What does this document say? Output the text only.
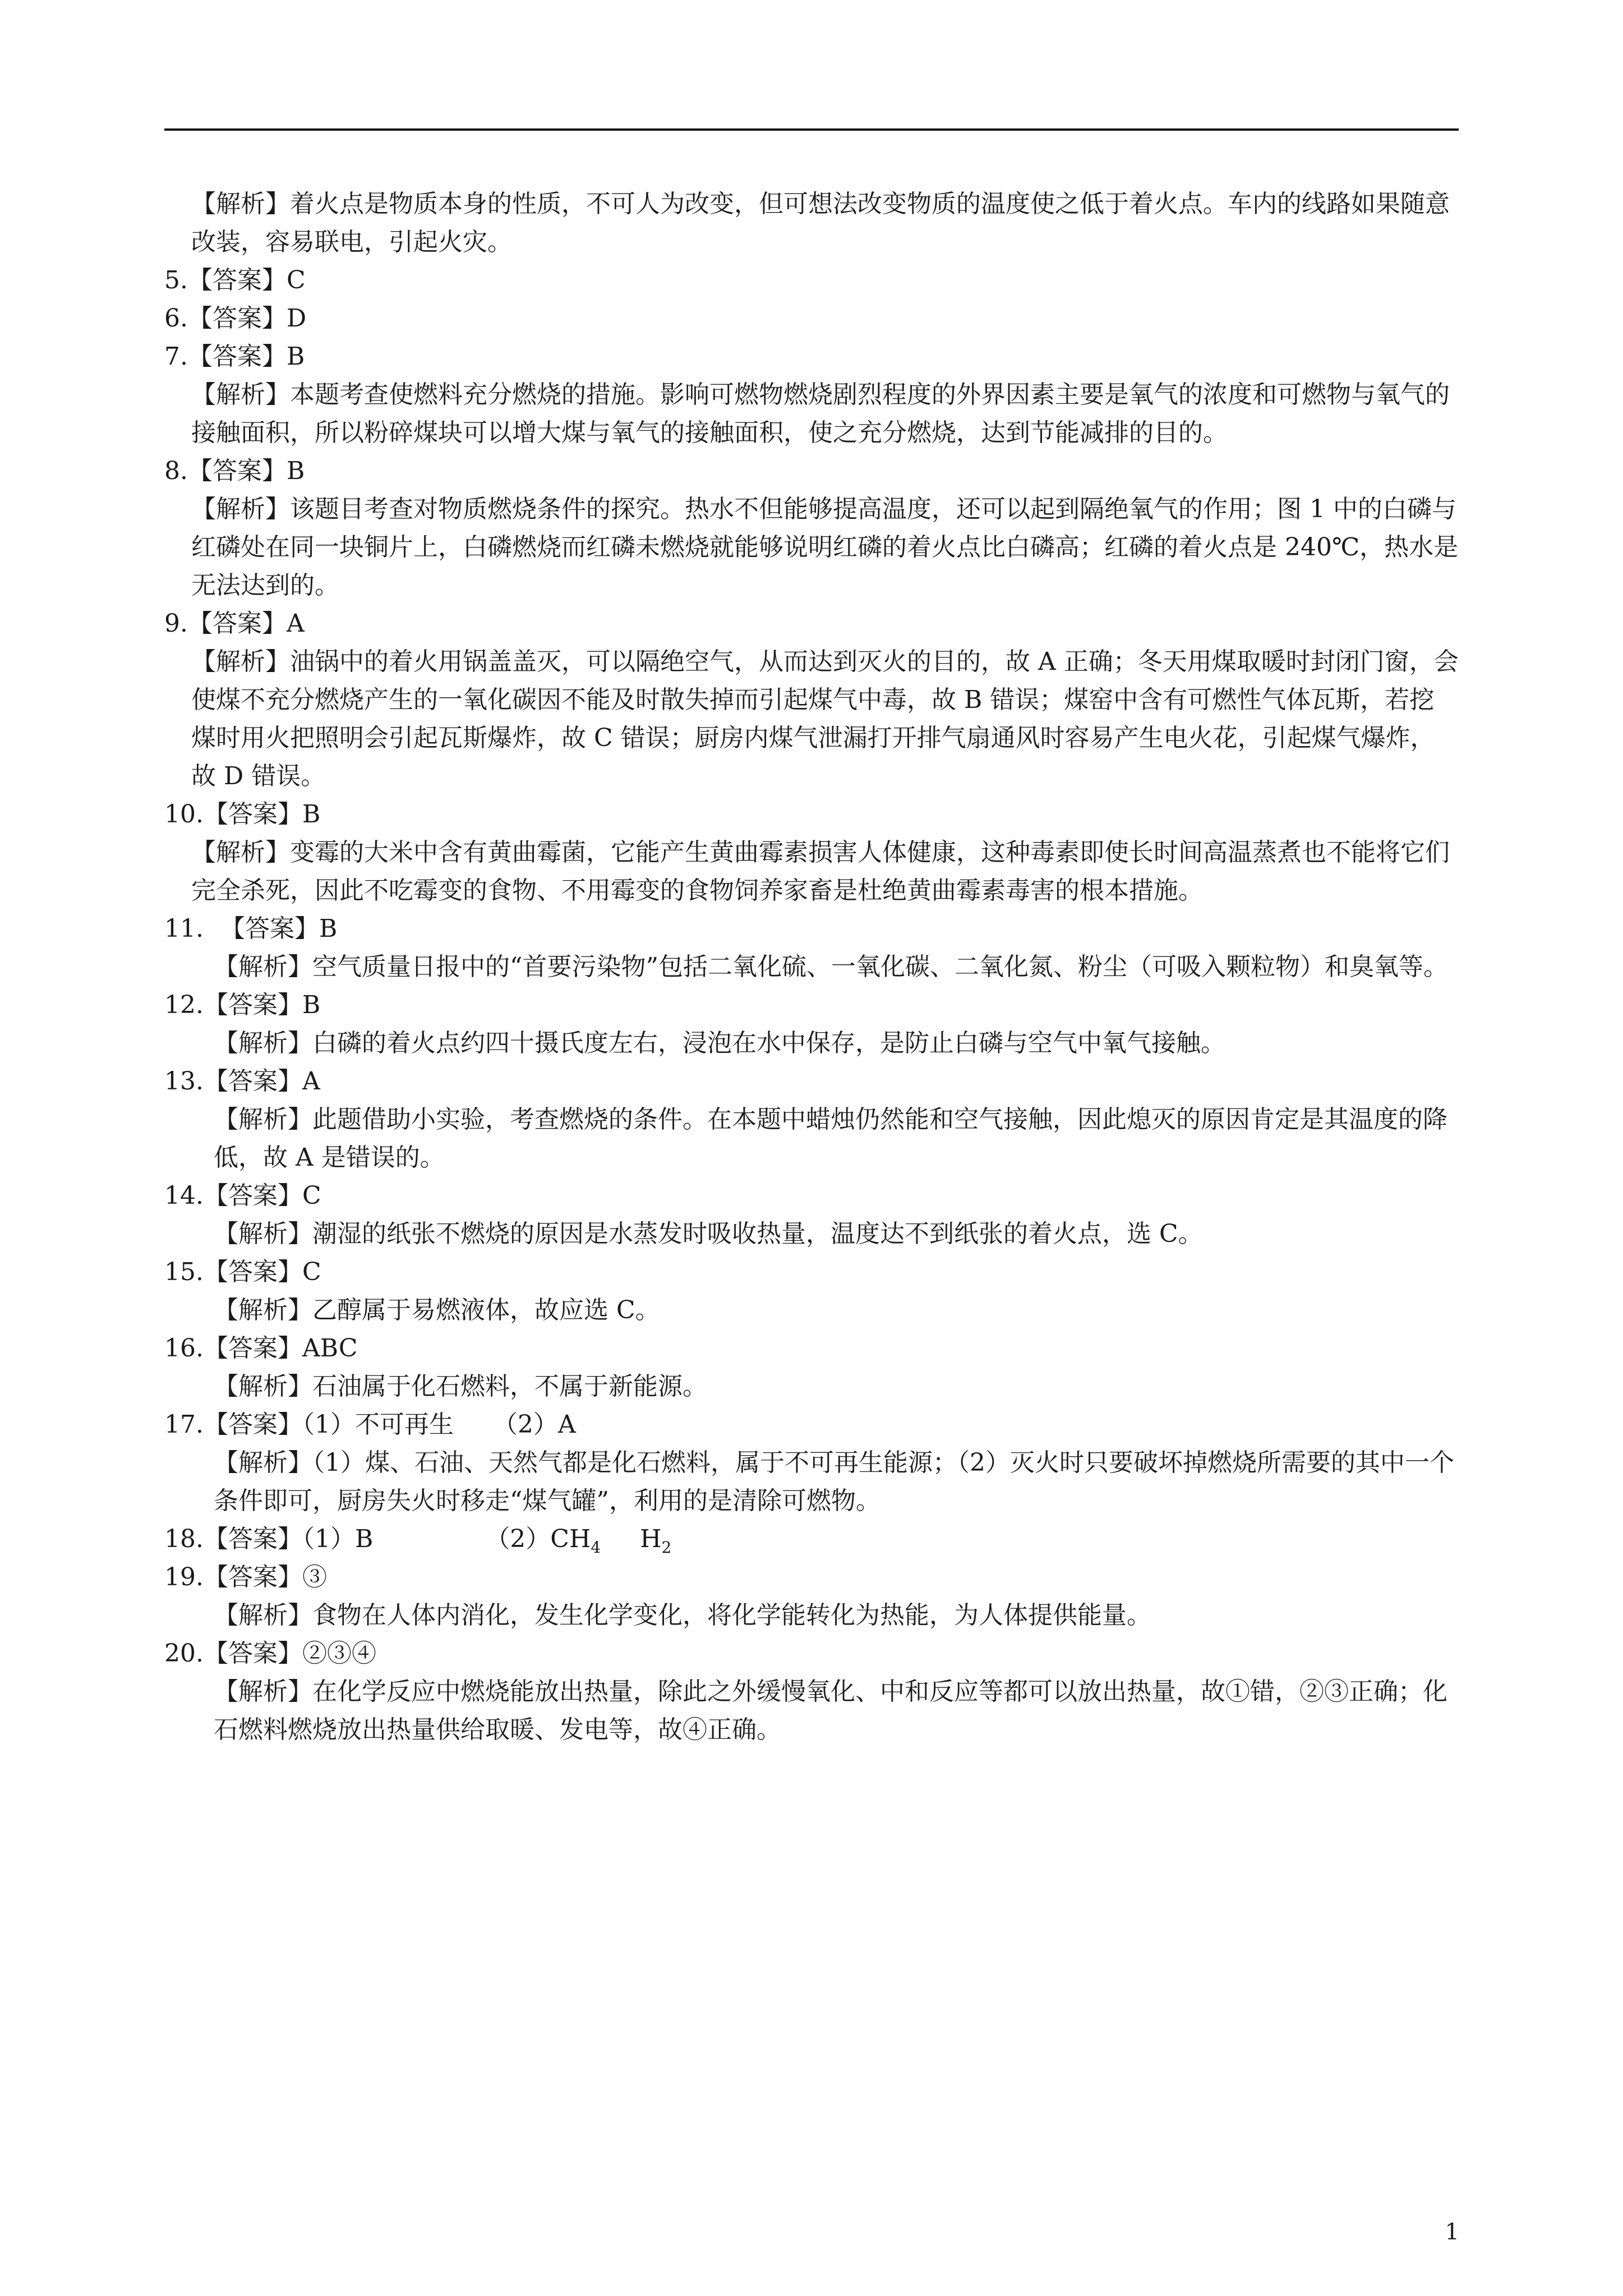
【解析】着火点是物质本身的性质，不可人为改变，但可想法改变物质的温度使之低于着火点。车内的线路如果随意改装，容易联电，引起火灾。
5.【答案】C
6.【答案】D
7.【答案】B
【解析】本题考查使燃料充分燃烧的措施。影响可燃物燃烧剧烈程度的外界因素主要是氧气的浓度和可燃物与氧气的接触面积，所以粉碎煤块可以增大煤与氧气的接触面积，使之充分燃烧，达到节能减排的目的。
8.【答案】B
【解析】该题目考查对物质燃烧条件的探究。热水不但能够提高温度，还可以起到隔绝氧气的作用；图 1 中的白磷与红磷处在同一块铜片上，白磷燃烧而红磷未燃烧就能够说明红磷的着火点比白磷高；红磷的着火点是 240℃，热水是无法达到的。
9.【答案】A
【解析】油锅中的着火用锅盖盖灭，可以隔绝空气，从而达到灭火的目的，故 A 正确；冬天用煤取暖时封闭门窗，会使煤不充分燃烧产生的一氧化碳因不能及时散失掉而引起煤气中毒，故 B 错误；煤窑中含有可燃性气体瓦斯，若挖煤时用火把照明会引起瓦斯爆炸，故 C 错误；厨房内煤气泄漏打开排气扇通风时容易产生电火花，引起煤气爆炸，故 D 错误。
10.【答案】B
【解析】变霉的大米中含有黄曲霉菌，它能产生黄曲霉素损害人体健康，这种毒素即使长时间高温蒸煮也不能将它们完全杀死，因此不吃霉变的食物、不用霉变的食物饲养家畜是杜绝黄曲霉素毒害的根本措施。
11. 【答案】B
【解析】空气质量日报中的“首要污染物”包括二氧化硫、一氧化碳、二氧化氮、粉尘（可吸入颗粒物）和臭氧等。
12.【答案】B
【解析】白磷的着火点约四十摄氏度左右，浸泡在水中保存，是防止白磷与空气中氧气接触。
13.【答案】A
【解析】此题借助小实验，考查燃烧的条件。在本题中蜡烛仍然能和空气接触，因此熄灭的原因肯定是其温度的降低，故 A 是错误的。
14.【答案】C
【解析】潮湿的纸张不燃烧的原因是水蒸发时吸收热量，温度达不到纸张的着火点，选 C。
15.【答案】C
【解析】乙醇属于易燃液体，故应选 C。
16.【答案】ABC
【解析】石油属于化石燃料，不属于新能源。
17.【答案】（1）不可再生 （2）A
【解析】（1）煤、石油、天然气都是化石燃料，属于不可再生能源；（2）灭火时只要破坏掉燃烧所需要的其中一个条件即可，厨房失火时移走“煤气罐”，利用的是清除可燃物。
18.【答案】（1）B	$(2)CH_4$ $H_2$
19.【答案】③
【解析】食物在人体内消化，发生化学变化，将化学能转化为热能，为人体提供能量。
20.【答案】②③④
【解析】在化学反应中燃烧能放出热量，除此之外缓慢氧化、中和反应等都可以放出热量，故①错，②③正确；化石燃料燃烧放出热量供给取暖、发电等，故④正确。
1
